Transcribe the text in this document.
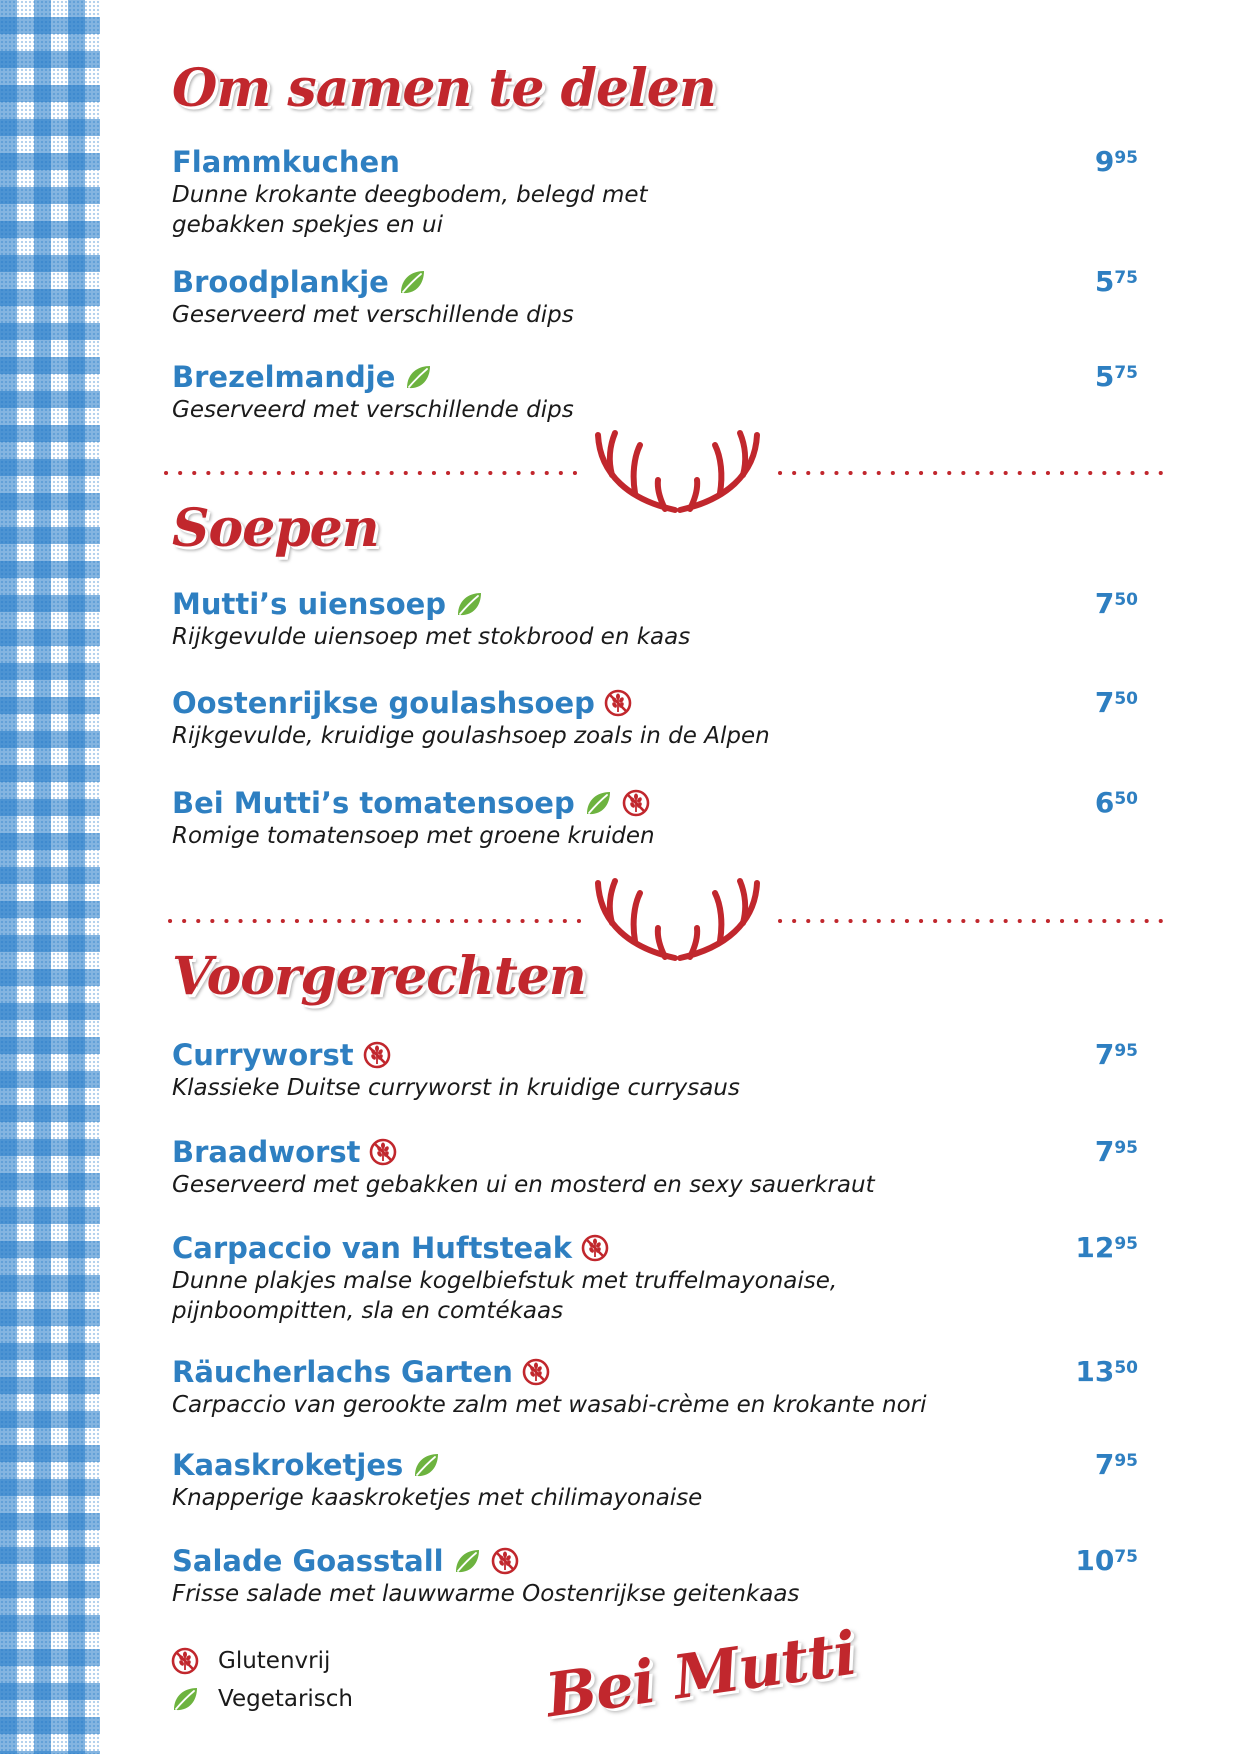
Om samen te delen
Flammkuchen
Dunne krokante deegbodem, belegd met
gebakken spekjes en ui
$9^{95}$
Broodplankje
Geserveerd met verschillende dips
$5^{75}$
Brezelmandje
Geserveerd met verschillende dips
$5^{75}$
Soepen
Mutti’s uiensoep
Rijkgevulde uiensoep met stokbrood en kaas
$7^{50}$
Oostenrijkse goulashsoep
Rijkgevulde, kruidige goulashsoep zoals in de Alpen
$7^{50}$
Bei Mutti’s tomatensoep
Romige tomatensoep met groene kruiden
$6^{50}$
Voorgerechten
Curryworst
Klassieke Duitse curryworst in kruidige currysaus
$7^{95}$
Braadworst
Geserveerd met gebakken ui en mosterd en sexy sauerkraut
$7^{95}$
Carpaccio van Huftsteak
Dunne plakjes malse kogelbiefstuk met truffelmayonaise,
pijnboompitten, sla en comtékaas
$12^{95}$
Räucherlachs Garten
Carpaccio van gerookte zalm met wasabi-crème en krokante nori
$13^{50}$
Kaaskroketjes
Knapperige kaaskroketjes met chilimayonaise
$7^{95}$
Salade Goasstall
Frisse salade met lauwwarme Oostenrijkse geitenkaas
$10^{75}$
Glutenvrij
Vegetarisch	Bei Mutti
